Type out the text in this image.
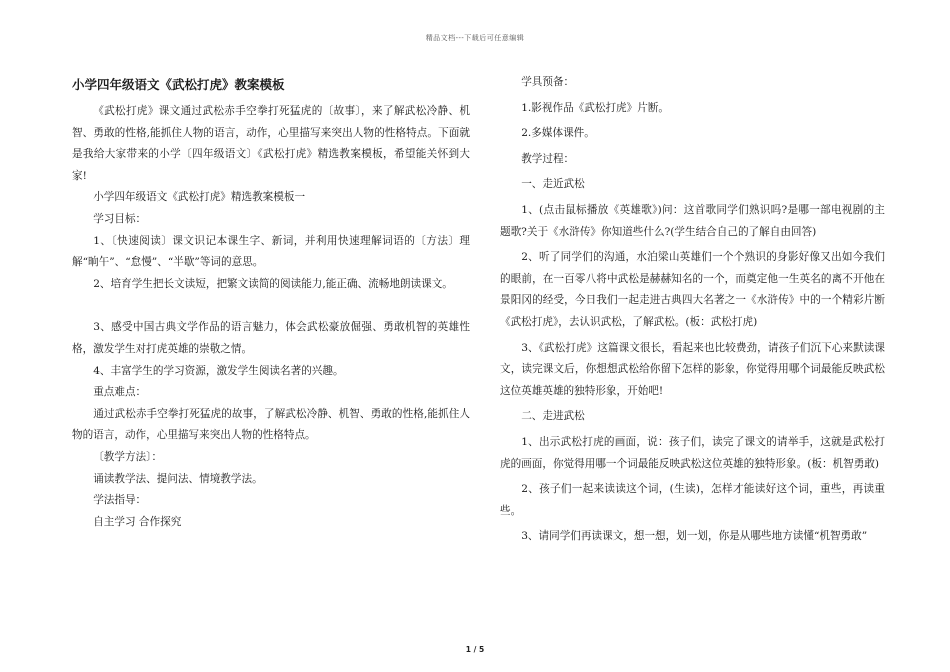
精品文档---下载后可任意编辑
小学四年级语文《武松打虎》教案模板

《武松打虎》课文通过武松赤手空拳打死猛虎的〔故事〕，来了解武松冷静、机智、勇敢的性格,能抓住人物的语言，动作，心里描写来突出人物的性格特点。下面就是我给大家带来的小学〔四年级语文〕《武松打虎》精选教案模板，希望能关怀到大家!

小学四年级语文《武松打虎》精选教案模板一

学习目标：

1、〔快速阅读〕课文识记本课生字、新词，并利用快速理解词语的〔方法〕理解“晌午”、“怠慢”、“半歇”等词的意思。

2、培育学生把长文读短，把繁文读简的阅读能力,能正确、流畅地朗读课文。

3、感受中国古典文学作品的语言魅力，体会武松豪放倔强、勇敢机智的英雄性格，激发学生对打虎英雄的崇敬之情。

4、丰富学生的学习资源，激发学生阅读名著的兴趣。

重点难点：

通过武松赤手空拳打死猛虎的故事，了解武松冷静、机智、勇敢的性格,能抓住人物的语言，动作，心里描写来突出人物的性格特点。

〔教学方法〕：

诵读教学法、提问法、情境教学法。

学法指导：

自主学习 合作探究

学具预备：

1.影视作品《武松打虎》片断。

2.多媒体课件。

教学过程：

一、走近武松

1、(点击鼠标播放《英雄歌》)问：这首歌同学们熟识吗?是哪一部电视剧的主题歌?关于《水浒传》你知道些什么?(学生结合自己的了解自由回答)

2、听了同学们的沟通，水泊梁山英雄们一个个熟识的身影好像又出如今我们的眼前，在一百零八将中武松是赫赫知名的一个，而奠定他一生英名的离不开他在景阳冈的经受，今日我们一起走进古典四大名著之一《水浒传》中的一个精彩片断《武松打虎》，去认识武松，了解武松。(板：武松打虎)

3、《武松打虎》这篇课文很长，看起来也比较费劲，请孩子们沉下心来默读课文，读完课文后，你想想武松给你留下怎样的影象，你觉得用哪个词最能反映武松这位英雄英雄的独特形象，开始吧!

二、走进武松

1、出示武松打虎的画面，说：孩子们，读完了课文的请举手，这就是武松打虎的画面，你觉得用哪一个词最能反映武松这位英雄的独特形象。(板：机智勇敢)

2、孩子们一起来读读这个词，(生读)，怎样才能读好这个词，重些，再读重些。

3、请同学们再读课文，想一想，划一划，你是从哪些地方读懂“机智勇敢”

1 / 5
